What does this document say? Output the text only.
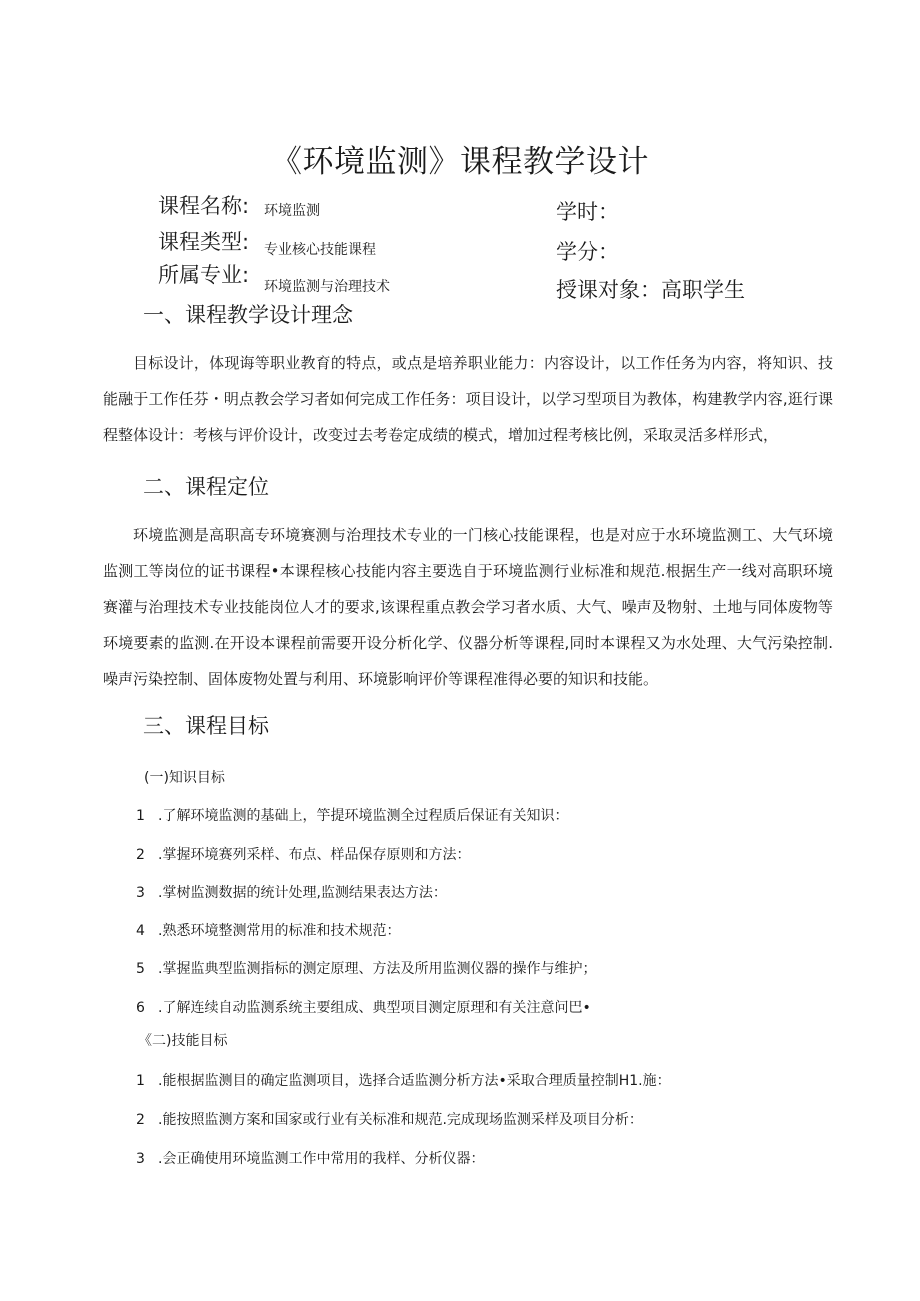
《环境监测》课程教学设计
课程名称: 环境监测	学时：
课程类型: 专业核心技能课程	学分：
所属专业: 环境监测与治理技术	授课对象：高职学生
一、课程教学设计理念

目标设计，体现诲等职业教育的特点，或点是培养职业能力：内容设计，以工作任务为内容，将知识、技能融于工作任芬・明点教会学习者如何完成工作任务：项目设计，以学习型项目为教体，构建教学内容,逛行课程整体设计：考核与评价设计，改变过去考卷定成绩的模式，增加过程考核比例，采取灵活多样形式，

二、课程定位

环境监测是高职高专环境赛测与治理技术专业的一门核心技能课程，也是对应于水环境监测工、大气环境监测工等岗位的证书课程•本课程核心技能内容主要选自于环境监测行业标准和规范.根据生产一线对高职环境赛灌与治理技术专业技能岗位人才的要求,该课程重点教会学习者水质、大气、噪声及物射、土地与同体废物等环境要素的监测.在开设本课程前需要开设分析化学、仪器分析等课程,同时本课程又为水处理、大气污染控制.噪声污染控制、固体废物处置与利用、环境影响评价等课程准得必要的知识和技能。

三、课程目标
(一)知识目标
1 .了解环境监测的基础上，竽提环境监测全过程质后保证有关知识：
2 .掌握环境赛列采样、布点、样品保存原则和方法：
3 .掌树监测数据的统计处理,监测结果表达方法：
4 .熟悉环境整测常用的标准和技术规范：
5 .掌握监典型监测指标的测定原理、方法及所用监测仪器的操作与维护；
6 .了解连续自动监测系统主要组成、典型项目测定原理和有关注意问巴•
《二)技能目标
1 .能根据监测目的确定监测项目，选择合适监测分析方法•采取合理质量控制H1.施：
2 .能按照监测方案和国家或行业有关标准和规范.完成现场监测采样及项目分析：
3 .会正确使用环境监测工作中常用的我样、分析仪器：
